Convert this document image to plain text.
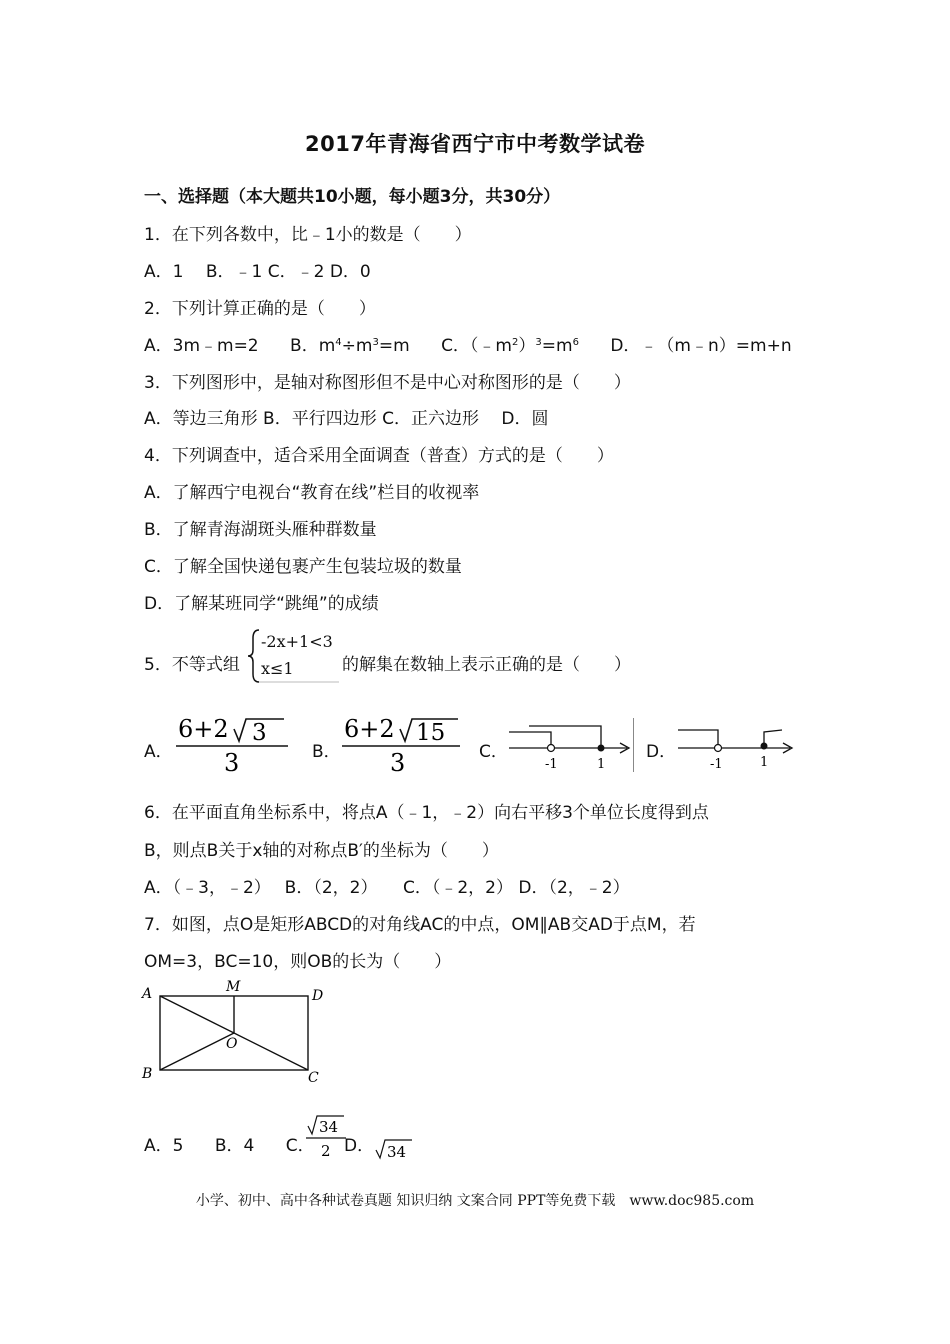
2017年青海省西宁市中考数学试卷
一、选择题（本大题共10小题，每小题3分，共30分）
1．在下列各数中，比﹣1小的数是（　　）
A．1　 B．﹣1 C．﹣2 D．0
2．下列计算正确的是（　　）
A．3m﹣m=2 B．$m^4\div m^3=m$ C．$(﹣m^2)^3=m^6$ D．﹣（m﹣n）=m+n
3．下列图形中，是轴对称图形但不是中心对称图形的是（　　）
A．等边三角形 B．平行四边形 C．正六边形　 D．圆
4．下列调查中，适合采用全面调查（普查）方式的是（　　）
A．了解西宁电视台“教育在线”栏目的收视率
B．了解青海湖斑头雁种群数量
C．了解全国快递包裹产生包装垃圾的数量
D．了解某班同学“跳绳”的成绩
5．不等式组
-2x+1<3
x≤1	的解集在数轴上表示正确的是（　　）
A．
6+2 3
3	B．
6+2 15
3	C．
-1	1
D．
-1	1
6．在平面直角坐标系中，将点A（﹣1，﹣2）向右平移3个单位长度得到点
B，则点B关于x轴的对称点B′的坐标为（　　）
A．（﹣3，﹣2）　 B．（2，2）　　C．（﹣2，2） D．（2，﹣2）
7．如图，点O是矩形ABCD的对角线AC的中点，OM∥AB交AD于点M，若
OM=3，BC=10，则OB的长为（　　）
A	M
D
O
B	C
A．5 B．4 C．
34
2 D． 34
小学、初中、高中各种试卷真题 知识归纳 文案合同 PPT等免费下载　www.doc985.com
